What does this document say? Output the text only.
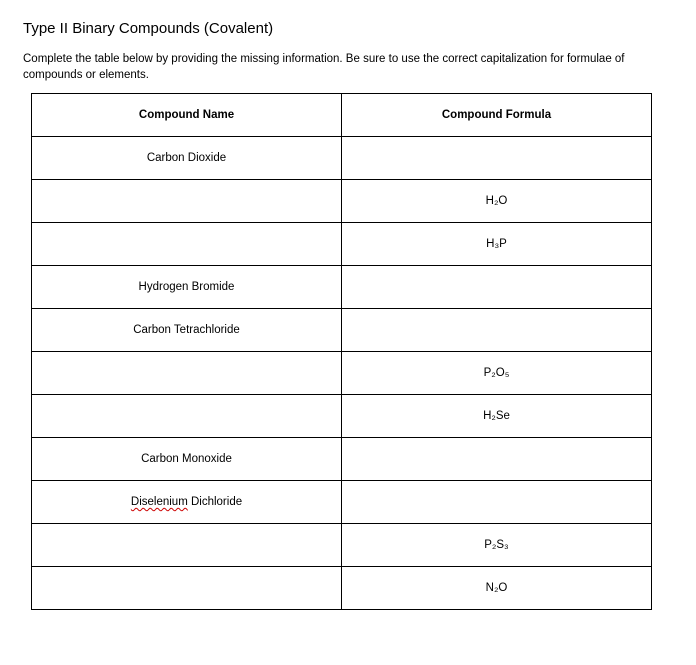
Type II Binary Compounds (Covalent)
Complete the table below by providing the missing information. Be sure to use the correct capitalization for formulae of compounds or elements.
Compound Name	Compound Formula

Carbon Dioxide	

	H₂O

	H₃P

Hydrogen Bromide	

Carbon Tetrachloride	

	P₂O₅

	H₂Se

Carbon Monoxide	

Diselenium Dichloride	

	P₂S₃

	N₂O
